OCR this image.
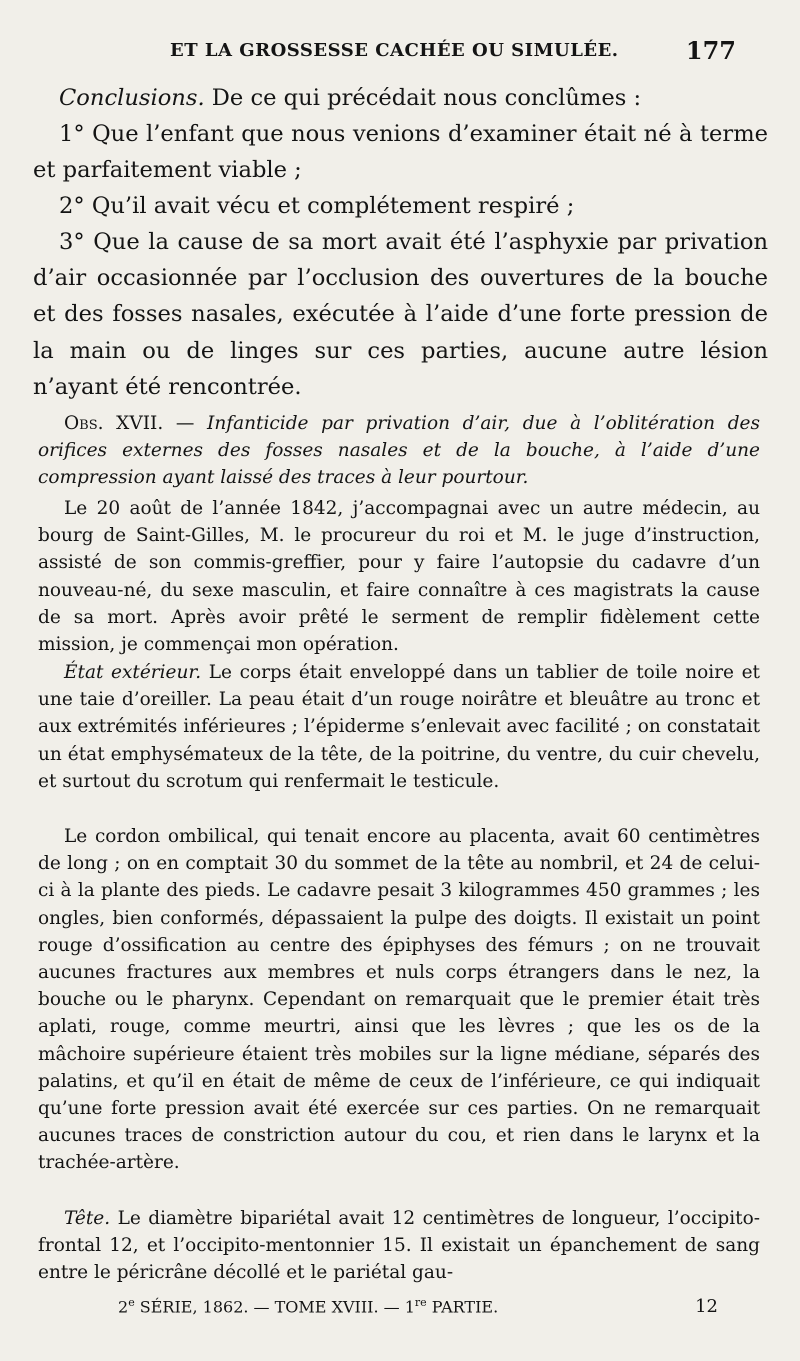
ET LA GROSSESSE CACHÉE OU SIMULÉE.	177

Conclusions. De ce qui précédait nous conclûmes :

1° Que l’enfant que nous venions d’examiner était né à terme et parfaitement viable ;

2° Qu’il avait vécu et complétement respiré ;

3° Que la cause de sa mort avait été l’asphyxie par privation d’air occasionnée par l’occlusion des ouvertures de la bouche et des fosses nasales, exécutée à l’aide d’une forte pression de la main ou de linges sur ces parties, aucune autre lésion n’ayant été rencontrée.

Obs. XVII. — Infanticide par privation d’air, due à l’oblitération des orifices externes des fosses nasales et de la bouche, à l’aide d’une compression ayant laissé des traces à leur pourtour.

Le 20 août de l’année 1842, j’accompagnai avec un autre médecin, au bourg de Saint-Gilles, M. le procureur du roi et M. le juge d’instruction, assisté de son commis-greffier, pour y faire l’autopsie du cadavre d’un nouveau-né, du sexe masculin, et faire connaître à ces magistrats la cause de sa mort. Après avoir prêté le serment de remplir fidèlement cette mission, je commençai mon opération.

État extérieur. Le corps était enveloppé dans un tablier de toile noire et une taie d’oreiller. La peau était d’un rouge noirâtre et bleuâtre au tronc et aux extrémités inférieures ; l’épiderme s’enlevait avec facilité ; on constatait un état emphysémateux de la tête, de la poitrine, du ventre, du cuir chevelu, et surtout du scrotum qui renfermait le testicule.

Le cordon ombilical, qui tenait encore au placenta, avait 60 centimètres de long ; on en comptait 30 du sommet de la tête au nombril, et 24 de celui-ci à la plante des pieds. Le cadavre pesait 3 kilogrammes 450 grammes ; les ongles, bien conformés, dépassaient la pulpe des doigts. Il existait un point rouge d’ossification au centre des épiphyses des fémurs ; on ne trouvait aucunes fractures aux membres et nuls corps étrangers dans le nez, la bouche ou le pharynx. Cependant on remarquait que le premier était très aplati, rouge, comme meurtri, ainsi que les lèvres ; que les os de la mâchoire supérieure étaient très mobiles sur la ligne médiane, séparés des palatins, et qu’il en était de même de ceux de l’inférieure, ce qui indiquait qu’une forte pression avait été exercée sur ces parties. On ne remarquait aucunes traces de constriction autour du cou, et rien dans le larynx et la trachée-artère.

Tête. Le diamètre bipariétal avait 12 centimètres de longueur, l’occipito-frontal 12, et l’occipito-mentonnier 15. Il existait un épanchement de sang entre le péricrâne décollé et le pariétal gau-

2e SÉRIE, 1862. — TOME XVIII. — 1re PARTIE.	12
